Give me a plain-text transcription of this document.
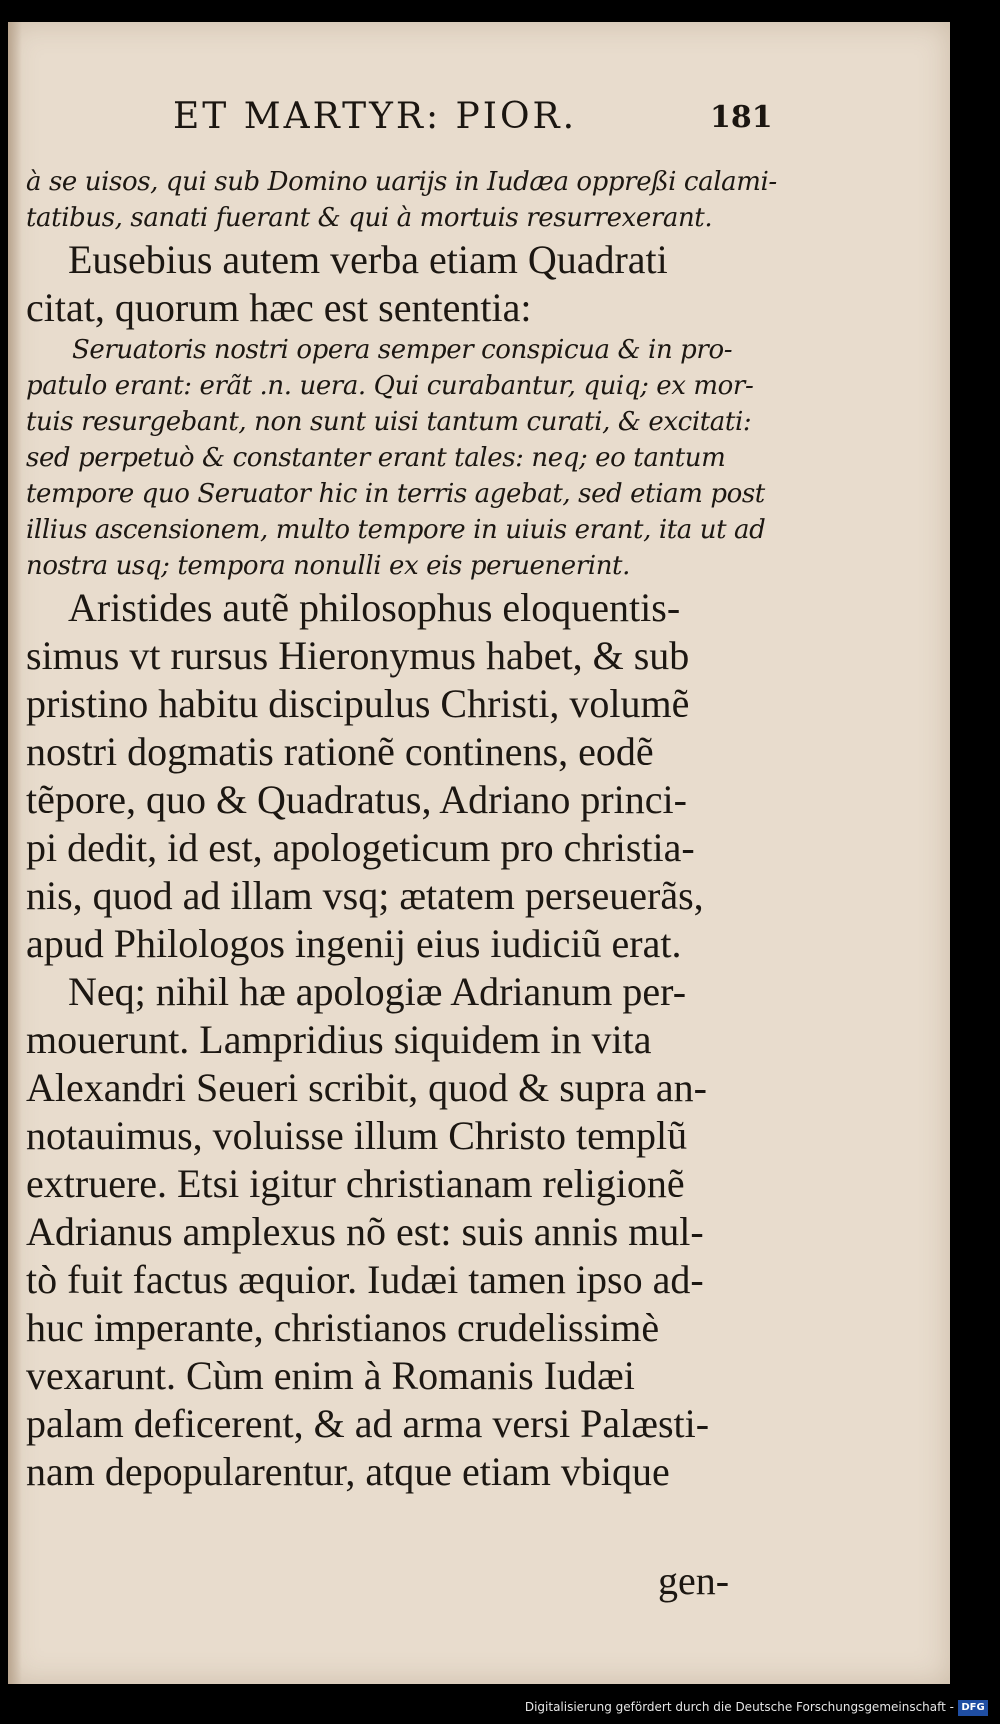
ET MARTYR: PIOR.	181

à se uisos, qui sub Domino uarijs in Iudæa oppreßi calami-
tatibus, sanati fuerant & qui à mortuis resurrexerant.

Eusebius autem verba etiam Quadrati
citat, quorum hæc est sententia:

Seruatoris nostri opera semper conspicua & in pro-
patulo erant: erãt .n. uera. Qui curabantur, quiq; ex mor-
tuis resurgebant, non sunt uisi tantum curati, & excitati:
sed perpetuò & constanter erant tales: neq; eo tantum
tempore quo Seruator hic in terris agebat, sed etiam post
illius ascensionem, multo tempore in uiuis erant, ita ut ad
nostra usq; tempora nonulli ex eis peruenerint.

Aristides autẽ philosophus eloquentis-
simus vt rursus Hieronymus habet, & sub
pristino habitu discipulus Christi, volumẽ
nostri dogmatis rationẽ continens, eodẽ
tẽpore, quo & Quadratus, Adriano princi-
pi dedit, id est, apologeticum pro christia-
nis, quod ad illam vsq; ætatem perseuerãs,
apud Philologos ingenij eius iudiciũ erat.

Neq; nihil hæ apologiæ Adrianum per-
mouerunt. Lampridius siquidem in vita
Alexandri Seueri scribit, quod & supra an-
notauimus, voluisse illum Christo templũ
extruere. Etsi igitur christianam religionẽ
Adrianus amplexus nõ est: suis annis mul-
tò fuit factus æquior. Iudæi tamen ipso ad-
huc imperante, christianos crudelissimè
vexarunt. Cùm enim à Romanis Iudæi
palam deficerent, & ad arma versi Palæsti-
nam depopularentur, atque etiam vbique

gen-
Digitalisierung gefördert durch die Deutsche Forschungsgemeinschaft - DFG
